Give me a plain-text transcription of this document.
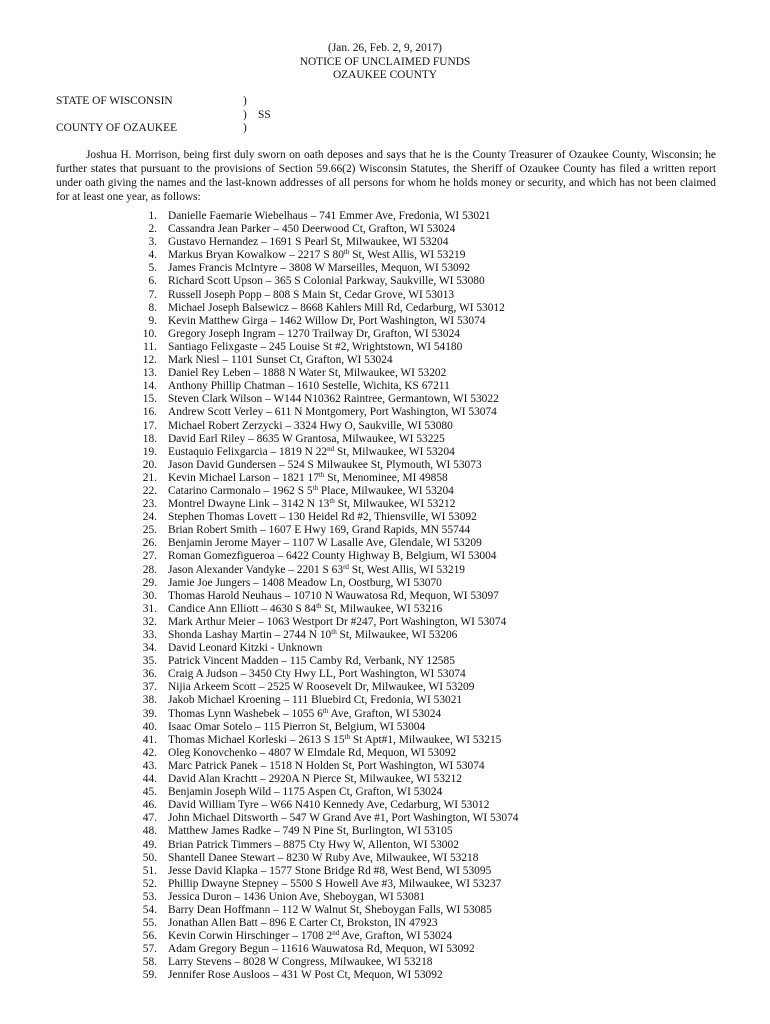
(Jan. 26, Feb. 2, 9, 2017)
NOTICE OF UNCLAIMED FUNDS
OZAUKEE COUNTY
STATE OF WISCONSIN	)
) SS
COUNTY OF OZAUKEE	)
Joshua H. Morrison, being first duly sworn on oath deposes and says that he is the County Treasurer of Ozaukee County, Wisconsin; he further states that pursuant to the provisions of Section 59.66(2) Wisconsin Statutes, the Sheriff of Ozaukee County has filed a written report under oath giving the names and the last-known addresses of all persons for whom he holds money or security, and which has not been claimed for at least one year, as follows:
1. Danielle Faemarie Wiebelhaus – 741 Emmer Ave, Fredonia, WI 53021
2. Cassandra Jean Parker – 450 Deerwood Ct, Grafton, WI 53024
3. Gustavo Hernandez – 1691 S Pearl St, Milwaukee, WI 53204
4. Markus Bryan Kowalkow – 2217 S 80th St, West Allis, WI 53219
5. James Francis McIntyre – 3808 W Marseilles, Mequon, WI 53092
6. Richard Scott Upson – 365 S Colonial Parkway, Saukville, WI 53080
7. Russell Joseph Popp – 808 S Main St, Cedar Grove, WI 53013
8. Michael Joseph Balsewicz – 8668 Kahlers Mill Rd, Cedarburg, WI 53012
9. Kevin Matthew Girga – 1462 Willow Dr, Port Washington, WI 53074
10. Gregory Joseph Ingram – 1270 Trailway Dr, Grafton, WI 53024
11. Santiago Felixgaste – 245 Louise St #2, Wrightstown, WI 54180
12. Mark Niesl – 1101 Sunset Ct, Grafton, WI 53024
13. Daniel Rey Leben – 1888 N Water St, Milwaukee, WI 53202
14. Anthony Phillip Chatman – 1610 Sestelle, Wichita, KS 67211
15. Steven Clark Wilson – W144 N10362 Raintree, Germantown, WI 53022
16. Andrew Scott Verley – 611 N Montgomery, Port Washington, WI 53074
17. Michael Robert Zerzycki – 3324 Hwy O, Saukville, WI 53080
18. David Earl Riley – 8635 W Grantosa, Milwaukee, WI 53225
19. Eustaquio Felixgarcia – 1819 N 22nd St, Milwaukee, WI 53204
20. Jason David Gundersen – 524 S Milwaukee St, Plymouth, WI 53073
21. Kevin Michael Larson – 1821 17th St, Menominee, MI 49858
22. Catarino Carmonalo – 1962 S 5th Place, Milwaukee, WI 53204
23. Montrel Dwayne Link – 3142 N 13th St, Milwaukee, WI 53212
24. Stephen Thomas Lovett – 130 Heidel Rd #2, Thiensville, WI 53092
25. Brian Robert Smith – 1607 E Hwy 169, Grand Rapids, MN 55744
26. Benjamin Jerome Mayer – 1107 W Lasalle Ave, Glendale, WI 53209
27. Roman Gomezfigueroa – 6422 County Highway B, Belgium, WI 53004
28. Jason Alexander Vandyke – 2201 S 63rd St, West Allis, WI 53219
29. Jamie Joe Jungers – 1408 Meadow Ln, Oostburg, WI 53070
30. Thomas Harold Neuhaus – 10710 N Wauwatosa Rd, Mequon, WI 53097
31. Candice Ann Elliott – 4630 S 84th St, Milwaukee, WI 53216
32. Mark Arthur Meier – 1063 Westport Dr #247, Port Washington, WI 53074
33. Shonda Lashay Martin – 2744 N 10th St, Milwaukee, WI 53206
34. David Leonard Kitzki - Unknown
35. Patrick Vincent Madden – 115 Camby Rd, Verbank, NY 12585
36. Craig A Judson – 3450 Cty Hwy LL, Port Washington, WI 53074
37. Nijia Arkeem Scott – 2525 W Roosevelt Dr, Milwaukee, WI 53209
38. Jakob Michael Kroening – 111 Bluebird Ct, Fredonia, WI 53021
39. Thomas Lynn Washebek – 1055 6th Ave, Grafton, WI 53024
40. Isaac Omar Sotelo – 115 Pierron St, Belgium, WI 53004
41. Thomas Michael Korleski – 2613 S 15th St Apt#1, Milwaukee, WI 53215
42. Oleg Konovchenko – 4807 W Elmdale Rd, Mequon, WI 53092
43. Marc Patrick Panek – 1518 N Holden St, Port Washington, WI 53074
44. David Alan Krachtt – 2920A N Pierce St, Milwaukee, WI 53212
45. Benjamin Joseph Wild – 1175 Aspen Ct, Grafton, WI 53024
46. David William Tyre – W66 N410 Kennedy Ave, Cedarburg, WI 53012
47. John Michael Ditsworth – 547 W Grand Ave #1, Port Washington, WI 53074
48. Matthew James Radke – 749 N Pine St, Burlington, WI 53105
49. Brian Patrick Timmers – 8875 Cty Hwy W, Allenton, WI 53002
50. Shantell Danee Stewart – 8230 W Ruby Ave, Milwaukee, WI 53218
51. Jesse David Klapka – 1577 Stone Bridge Rd #8, West Bend, WI 53095
52. Phillip Dwayne Stepney – 5500 S Howell Ave #3, Milwaukee, WI 53237
53. Jessica Duron – 1436 Union Ave, Sheboygan, WI 53081
54. Barry Dean Hoffmann – 112 W Walnut St, Sheboygan Falls, WI 53085
55. Jonathan Allen Batt – 896 E Carter Ct, Brokston, IN 47923
56. Kevin Corwin Hirschinger – 1708 2nd Ave, Grafton, WI 53024
57. Adam Gregory Begun – 11616 Wauwatosa Rd, Mequon, WI 53092
58. Larry Stevens – 8028 W Congress, Milwaukee, WI 53218
59. Jennifer Rose Ausloos – 431 W Post Ct, Mequon, WI 53092
